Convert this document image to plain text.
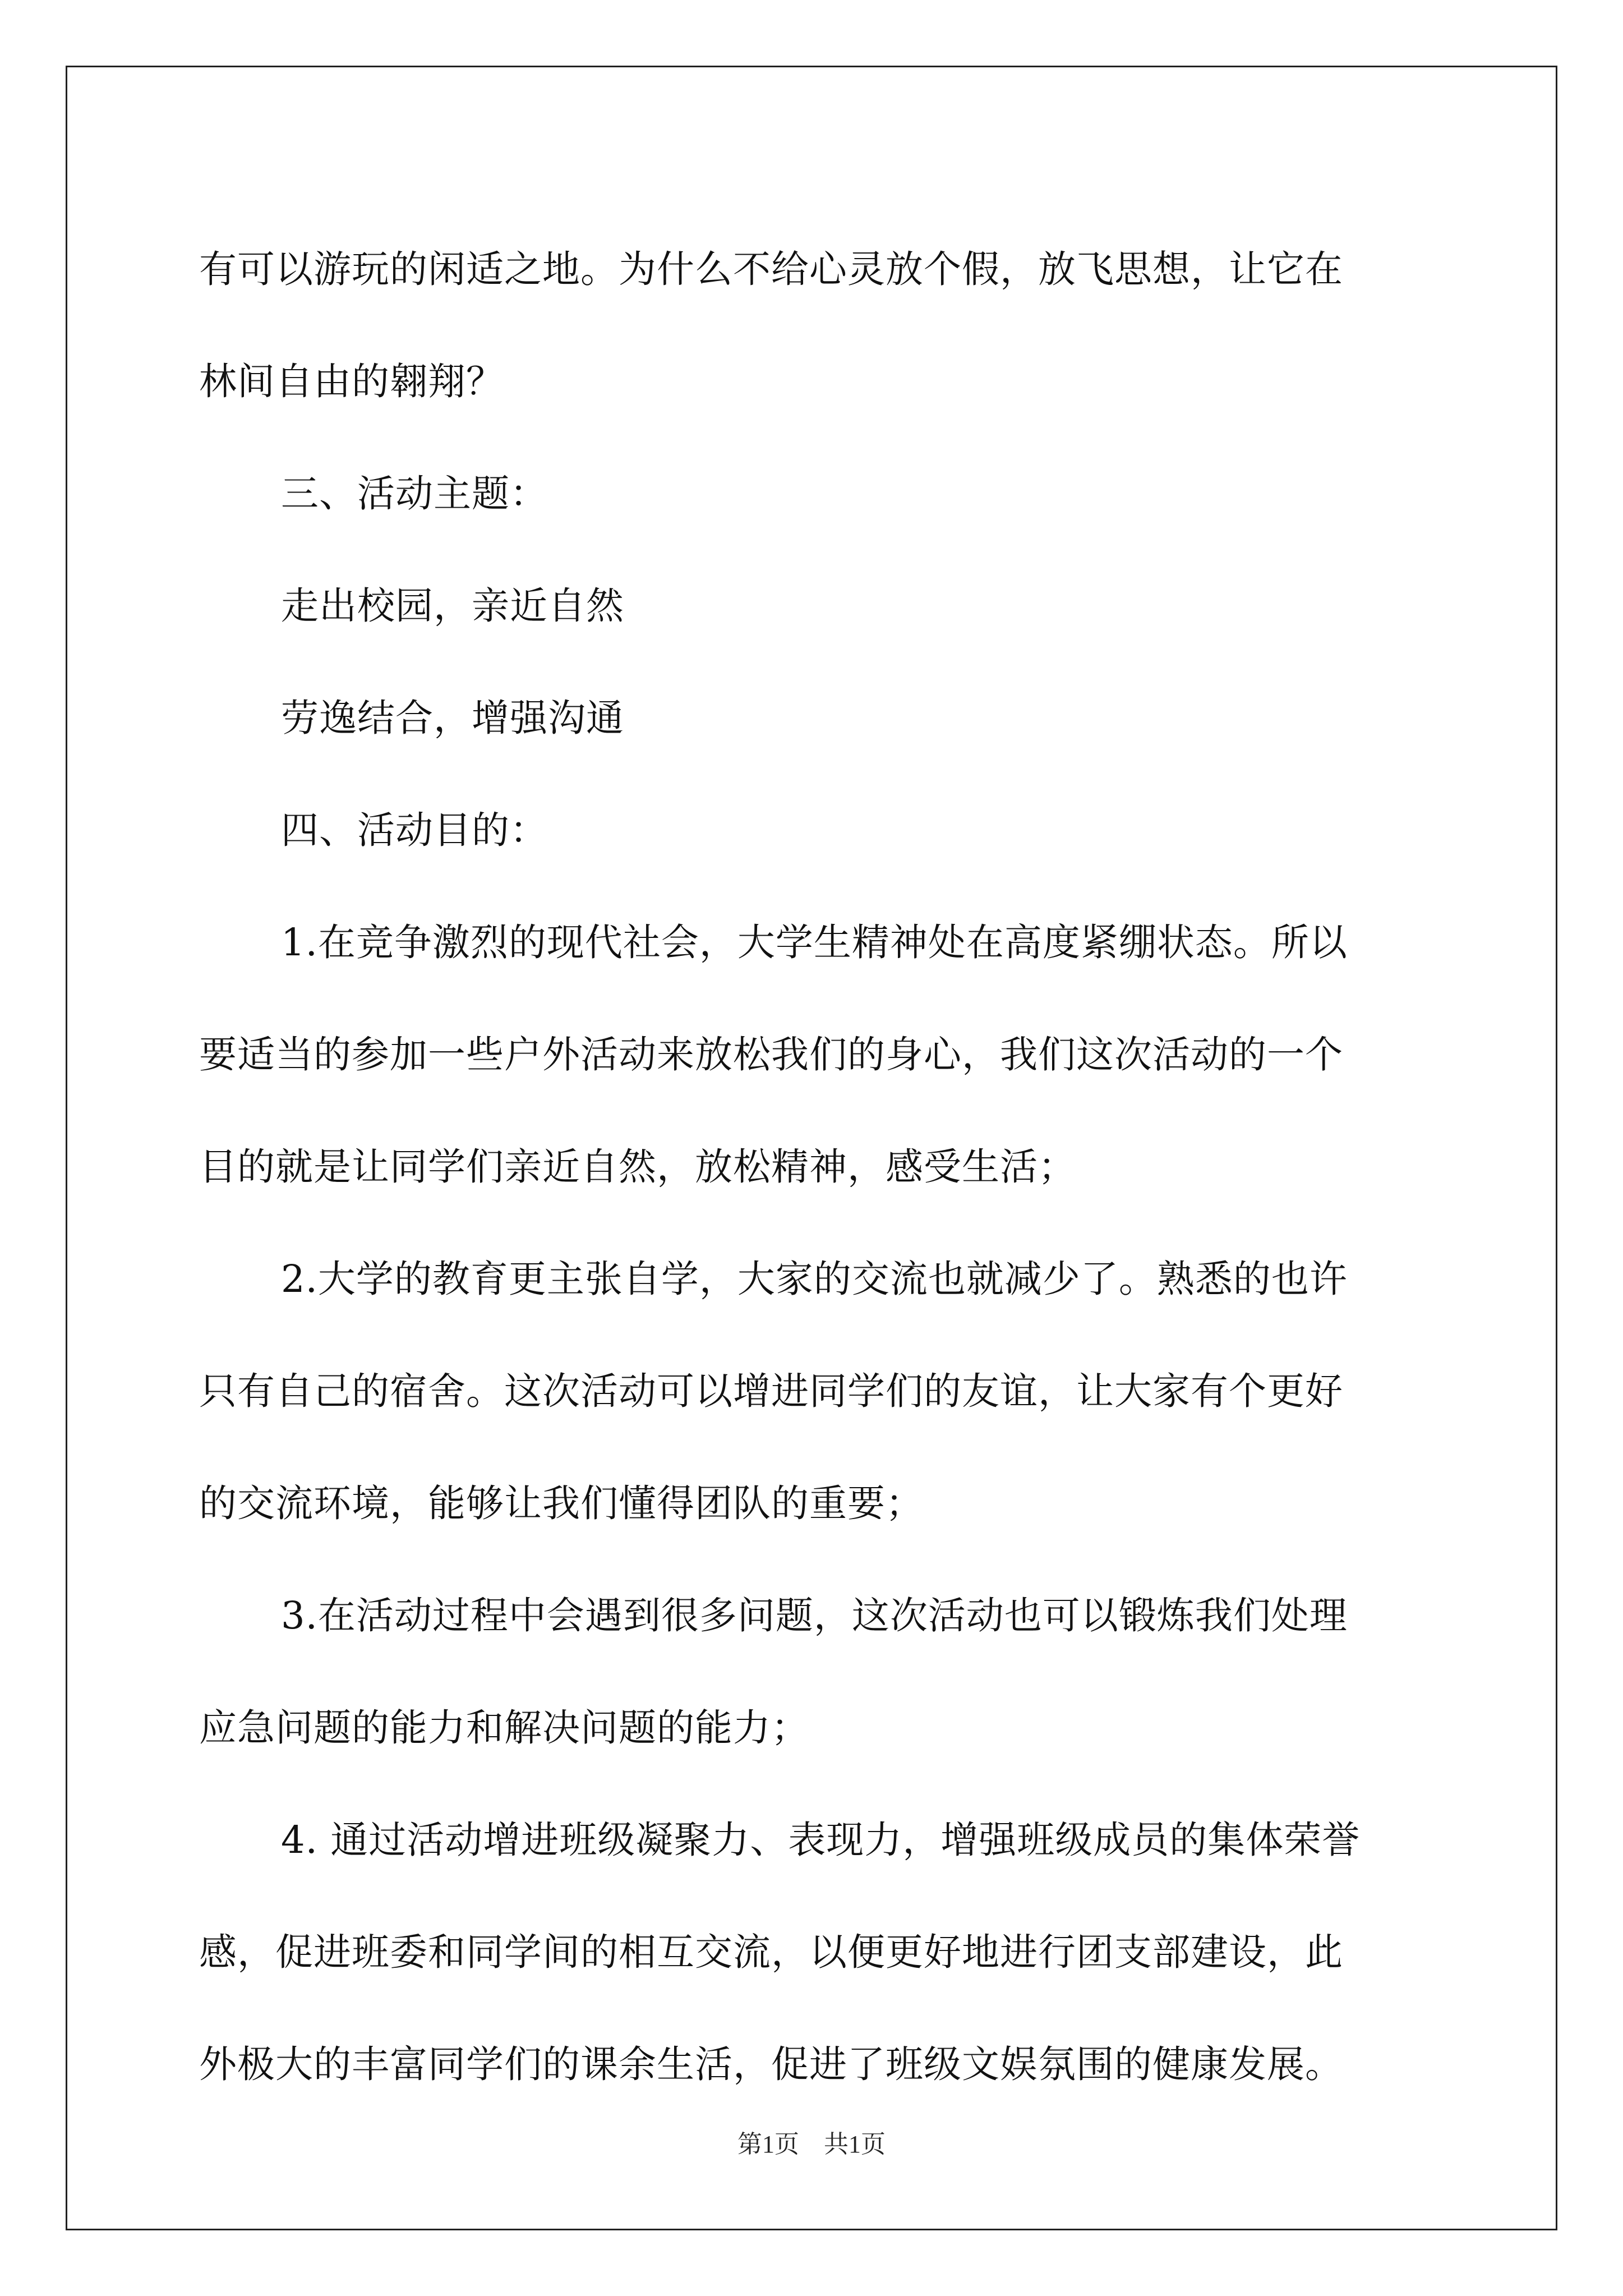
有可以游玩的闲适之地。为什么不给心灵放个假，放飞思想，让它在
林间自由的翱翔？
三、活动主题：
走出校园，亲近自然
劳逸结合，增强沟通
四、活动目的：
1.在竞争激烈的现代社会，大学生精神处在高度紧绷状态。所以
要适当的参加一些户外活动来放松我们的身心，我们这次活动的一个
目的就是让同学们亲近自然，放松精神，感受生活；
2.大学的教育更主张自学，大家的交流也就减少了。熟悉的也许
只有自己的宿舍。这次活动可以增进同学们的友谊，让大家有个更好
的交流环境，能够让我们懂得团队的重要；
3.在活动过程中会遇到很多问题，这次活动也可以锻炼我们处理
应急问题的能力和解决问题的能力；
4. 通过活动增进班级凝聚力、表现力，增强班级成员的集体荣誉
感，促进班委和同学间的相互交流，以便更好地进行团支部建设，此
外极大的丰富同学们的课余生活，促进了班级文娱氛围的健康发展。
第1页　共1页
